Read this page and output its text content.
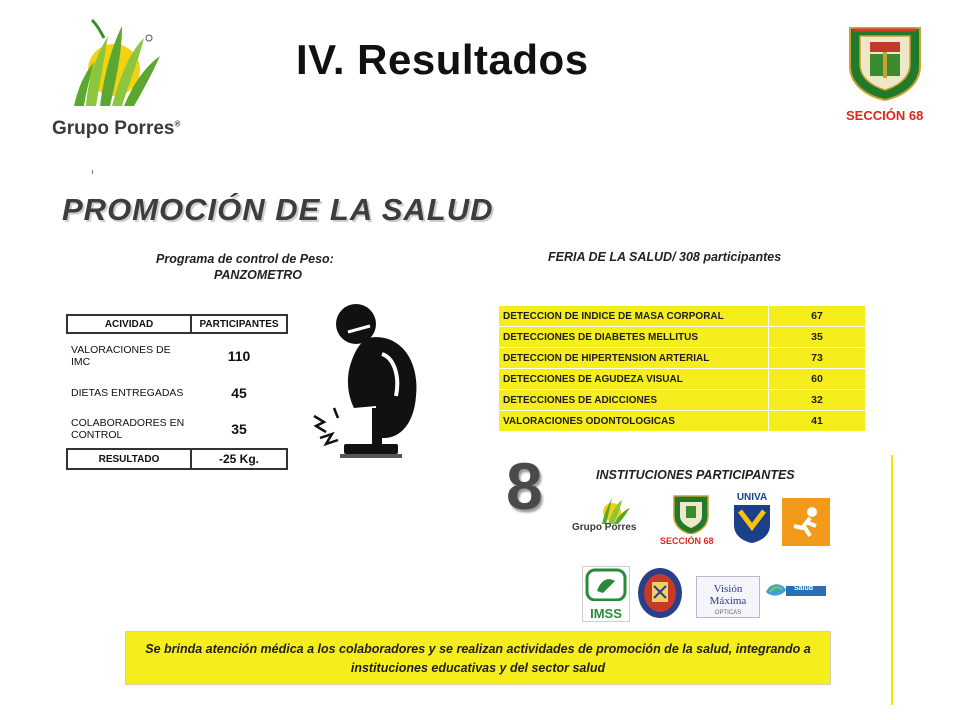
Grupo Porres®
IV. Resultados
SECCIÓN 68
PROMOCIÓN DE LA SALUD
Programa de control de Peso:
PANZOMETRO
ACIVIDAD	PARTICIPANTES
VALORACIONES DE IMC	110
DIETAS ENTREGADAS	45
COLABORADORES EN CONTROL	35
RESULTADO	-25 Kg.
FERIA DE LA SALUD/ 308 participantes
DETECCION DE INDICE DE MASA CORPORAL	67
DETECCIONES DE DIABETES MELLITUS	35
DETECCION DE HIPERTENSION ARTERIAL	73
DETECCIONES DE AGUDEZA VISUAL	60
DETECCIONES DE ADICCIONES	32
VALORACIONES ODONTOLOGICAS	41
8	INSTITUCIONES PARTICIPANTES
Grupo Porres
SECCIÓN 68
UNIVA
IMSS
Visión Máxima
OPTICAS
Salud
Se brinda atención médica a los colaboradores y se realizan actividades de promoción de la salud, integrando a instituciones educativas y del sector salud
